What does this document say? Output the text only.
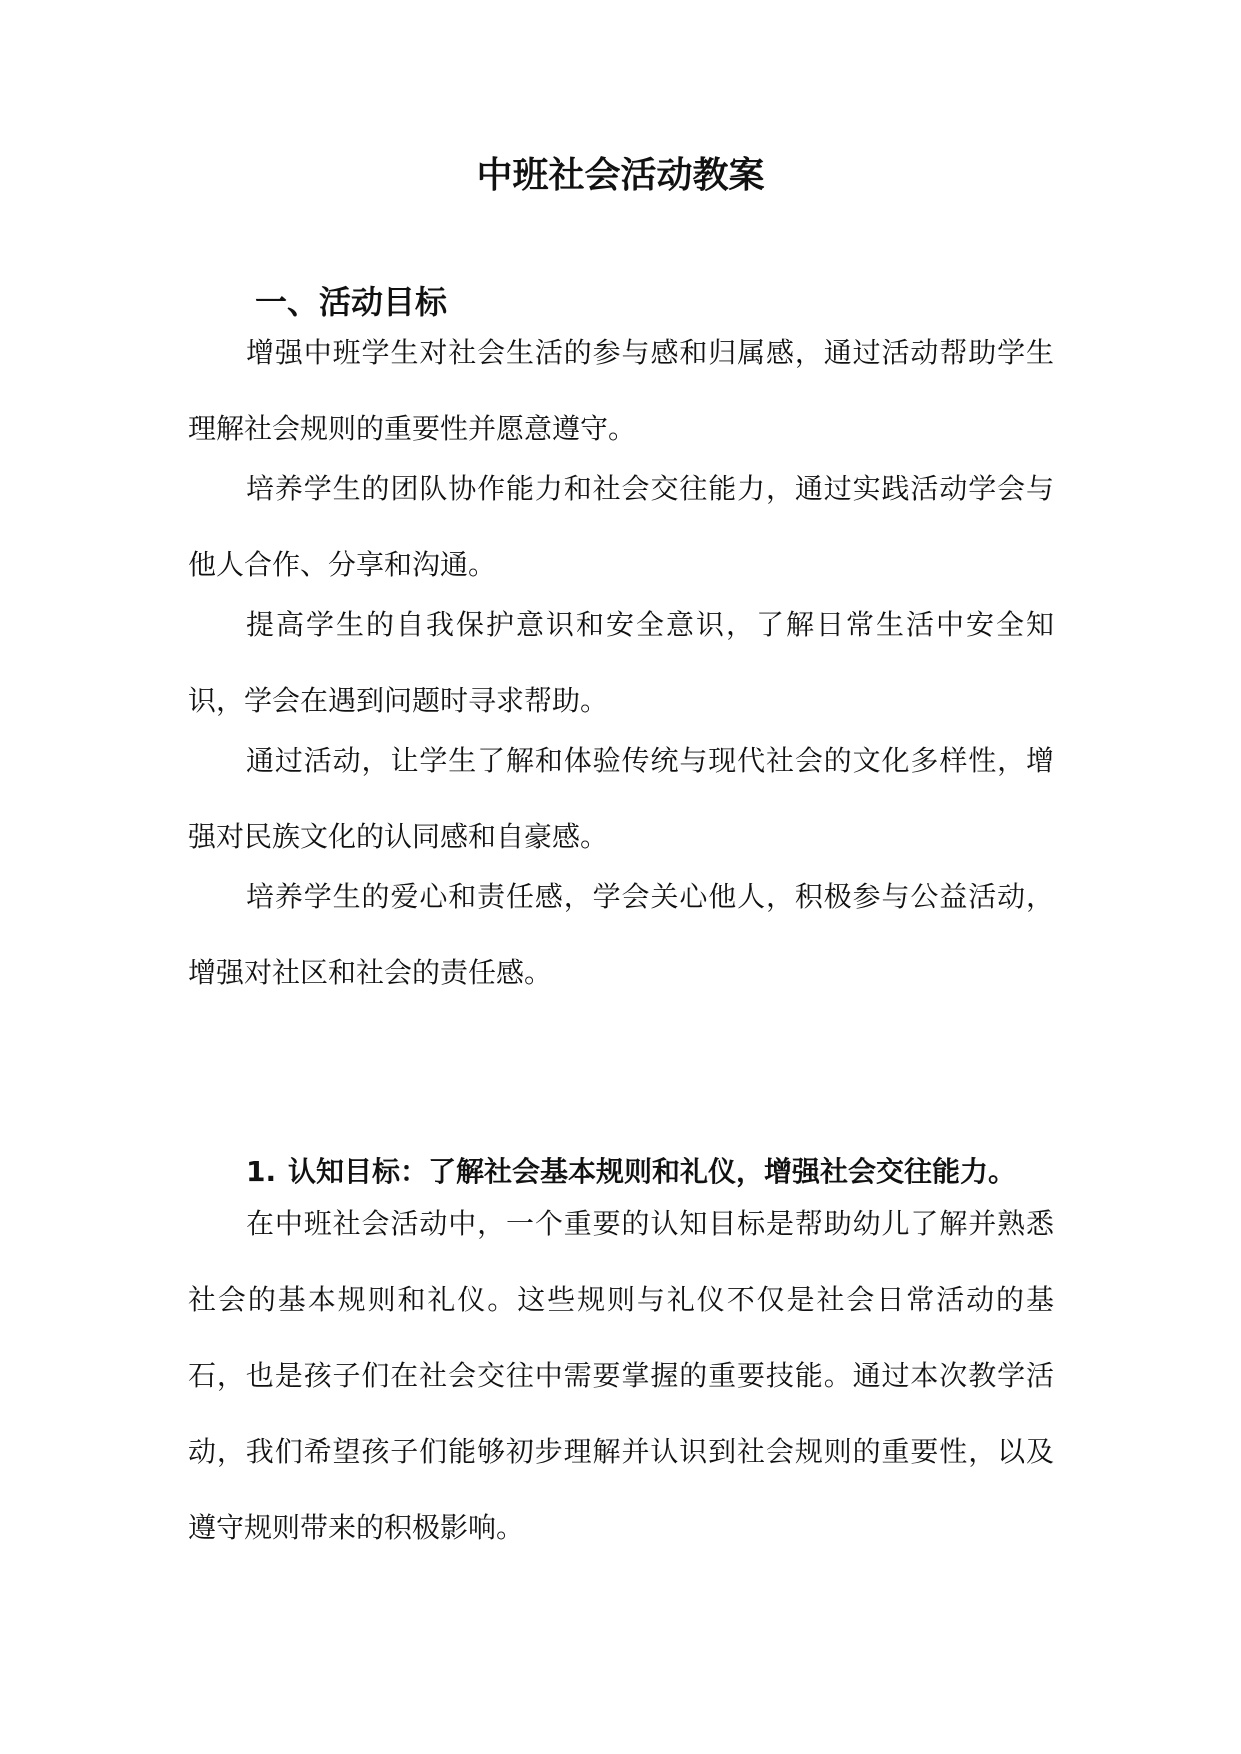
中班社会活动教案
一、活动目标

增强中班学生对社会生活的参与感和归属感，通过活动帮助学生理解社会规则的重要性并愿意遵守。

培养学生的团队协作能力和社会交往能力，通过实践活动学会与他人合作、分享和沟通。

提高学生的自我保护意识和安全意识，了解日常生活中安全知识，学会在遇到问题时寻求帮助。

通过活动，让学生了解和体验传统与现代社会的文化多样性，增强对民族文化的认同感和自豪感。

培养学生的爱心和责任感，学会关心他人，积极参与公益活动，增强对社区和社会的责任感。

1. 认知目标：了解社会基本规则和礼仪，增强社会交往能力。

在中班社会活动中，一个重要的认知目标是帮助幼儿了解并熟悉社会的基本规则和礼仪。这些规则与礼仪不仅是社会日常活动的基石，也是孩子们在社会交往中需要掌握的重要技能。通过本次教学活动，我们希望孩子们能够初步理解并认识到社会规则的重要性，以及遵守规则带来的积极影响。
